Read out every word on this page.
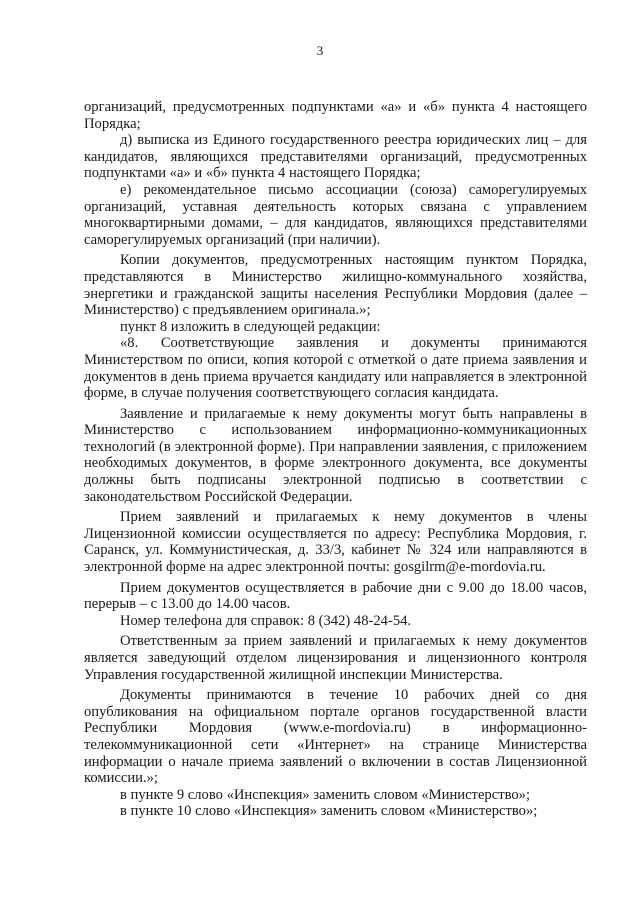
3

организаций, предусмотренных подпунктами «а» и «б» пункта 4 настоящего Порядка;

д) выписка из Единого государственного реестра юридических лиц – для кандидатов, являющихся представителями организаций, предусмотренных подпунктами «а» и «б» пункта 4 настоящего Порядка;

е) рекомендательное письмо ассоциации (союза) саморегулируемых организаций, уставная деятельность которых связана с управлением многоквартирными домами, – для кандидатов, являющихся представителями саморегулируемых организаций (при наличии).

Копии документов, предусмотренных настоящим пунктом Порядка, представляются в Министерство жилищно-коммунального хозяйства, энергетики и гражданской защиты населения Республики Мордовия (далее – Министерство) с предъявлением оригинала.»;

пункт 8 изложить в следующей редакции:

«8. Соответствующие заявления и документы принимаются Министерством по описи, копия которой с отметкой о дате приема заявления и документов в день приема вручается кандидату или направляется в электронной форме, в случае получения соответствующего согласия кандидата.

Заявление и прилагаемые к нему документы могут быть направлены в Министерство с использованием информационно-коммуникационных технологий (в электронной форме). При направлении заявления, с приложением необходимых документов, в форме электронного документа, все документы должны быть подписаны электронной подписью в соответствии с законодательством Российской Федерации.

Прием заявлений и прилагаемых к нему документов в члены Лицензионной комиссии осуществляется по адресу: Республика Мордовия, г. Саранск, ул. Коммунистическая, д. 33/3, кабинет № 324 или направляются в электронной форме на адрес электронной почты: gosgilrm@e-mordovia.ru.

Прием документов осуществляется в рабочие дни с 9.00 до 18.00 часов, перерыв – с 13.00 до 14.00 часов.

Номер телефона для справок: 8 (342) 48-24-54.

Ответственным за прием заявлений и прилагаемых к нему документов является заведующий отделом лицензирования и лицензионного контроля Управления государственной жилищной инспекции Министерства.

Документы принимаются в течение 10 рабочих дней со дня опубликования на официальном портале органов государственной власти Республики Мордовия (www.e-mordovia.ru) в информационно-телекоммуникационной сети «Интернет» на странице Министерства информации о начале приема заявлений о включении в состав Лицензионной комиссии.»;

в пункте 9 слово «Инспекция» заменить словом «Министерство»;

в пункте 10 слово «Инспекция» заменить словом «Министерство»;
